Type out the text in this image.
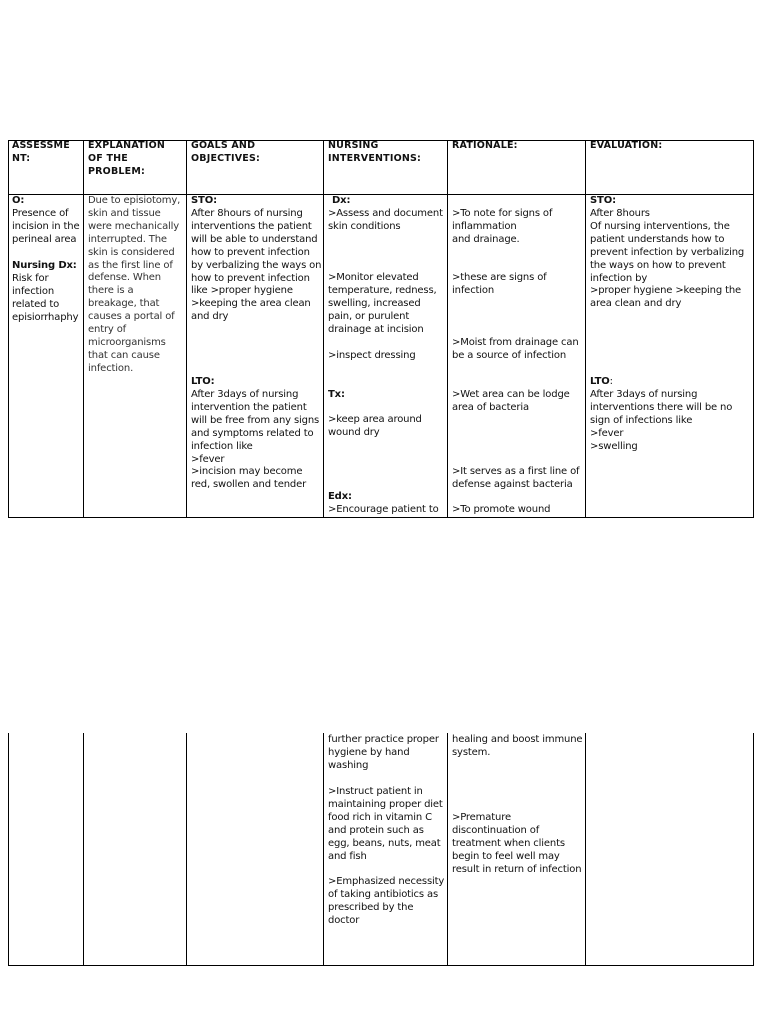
ASSESSME
NT:
EXPLANATION
OF THE
PROBLEM:
GOALS AND
OBJECTIVES:
NURSING
INTERVENTIONS:
RATIONALE:	EVALUATION:
O:
Presence of
incision in the
perineal area
Nursing Dx:
Risk for
infection
related to
episiorrhaphy
Due to episiotomy,
skin and tissue
were mechanically
interrupted. The
skin is considered
as the first line of
defense. When
there is a
breakage, that
causes a portal of
entry of
microorganisms
that can cause
infection.
STO:
After 8hours of nursing
interventions the patient
will be able to understand
how to prevent infection
by verbalizing the ways on
how to prevent infection
like >proper hygiene
>keeping the area clean
and dry
LTO:
After 3days of nursing
intervention the patient
will be free from any signs
and symptoms related to
infection like
>fever
>incision may become
red, swollen and tender
Dx:
>Assess and document
skin conditions
>Monitor elevated
temperature, redness,
swelling, increased
pain, or purulent
drainage at incision
>inspect dressing
Tx:
>keep area around
wound dry
Edx:
>Encourage patient to
>To note for signs of
inflammation
and drainage.
>these are signs of
infection
>Moist from drainage can
be a source of infection
>Wet area can be lodge
area of bacteria
>It serves as a first line of
defense against bacteria
>To promote wound
STO:
After 8hours
Of nursing interventions, the
patient understands how to
prevent infection by verbalizing
the ways on how to prevent
infection by
>proper hygiene >keeping the
area clean and dry
LTO:
After 3days of nursing
interventions there will be no
sign of infections like
>fever
>swelling
further practice proper
hygiene by hand
washing
>Instruct patient in
maintaining proper diet
food rich in vitamin C
and protein such as
egg, beans, nuts, meat
and fish
>Emphasized necessity
of taking antibiotics as
prescribed by the
doctor
healing and boost immune
system.
>Premature
discontinuation of
treatment when clients
begin to feel well may
result in return of infection
